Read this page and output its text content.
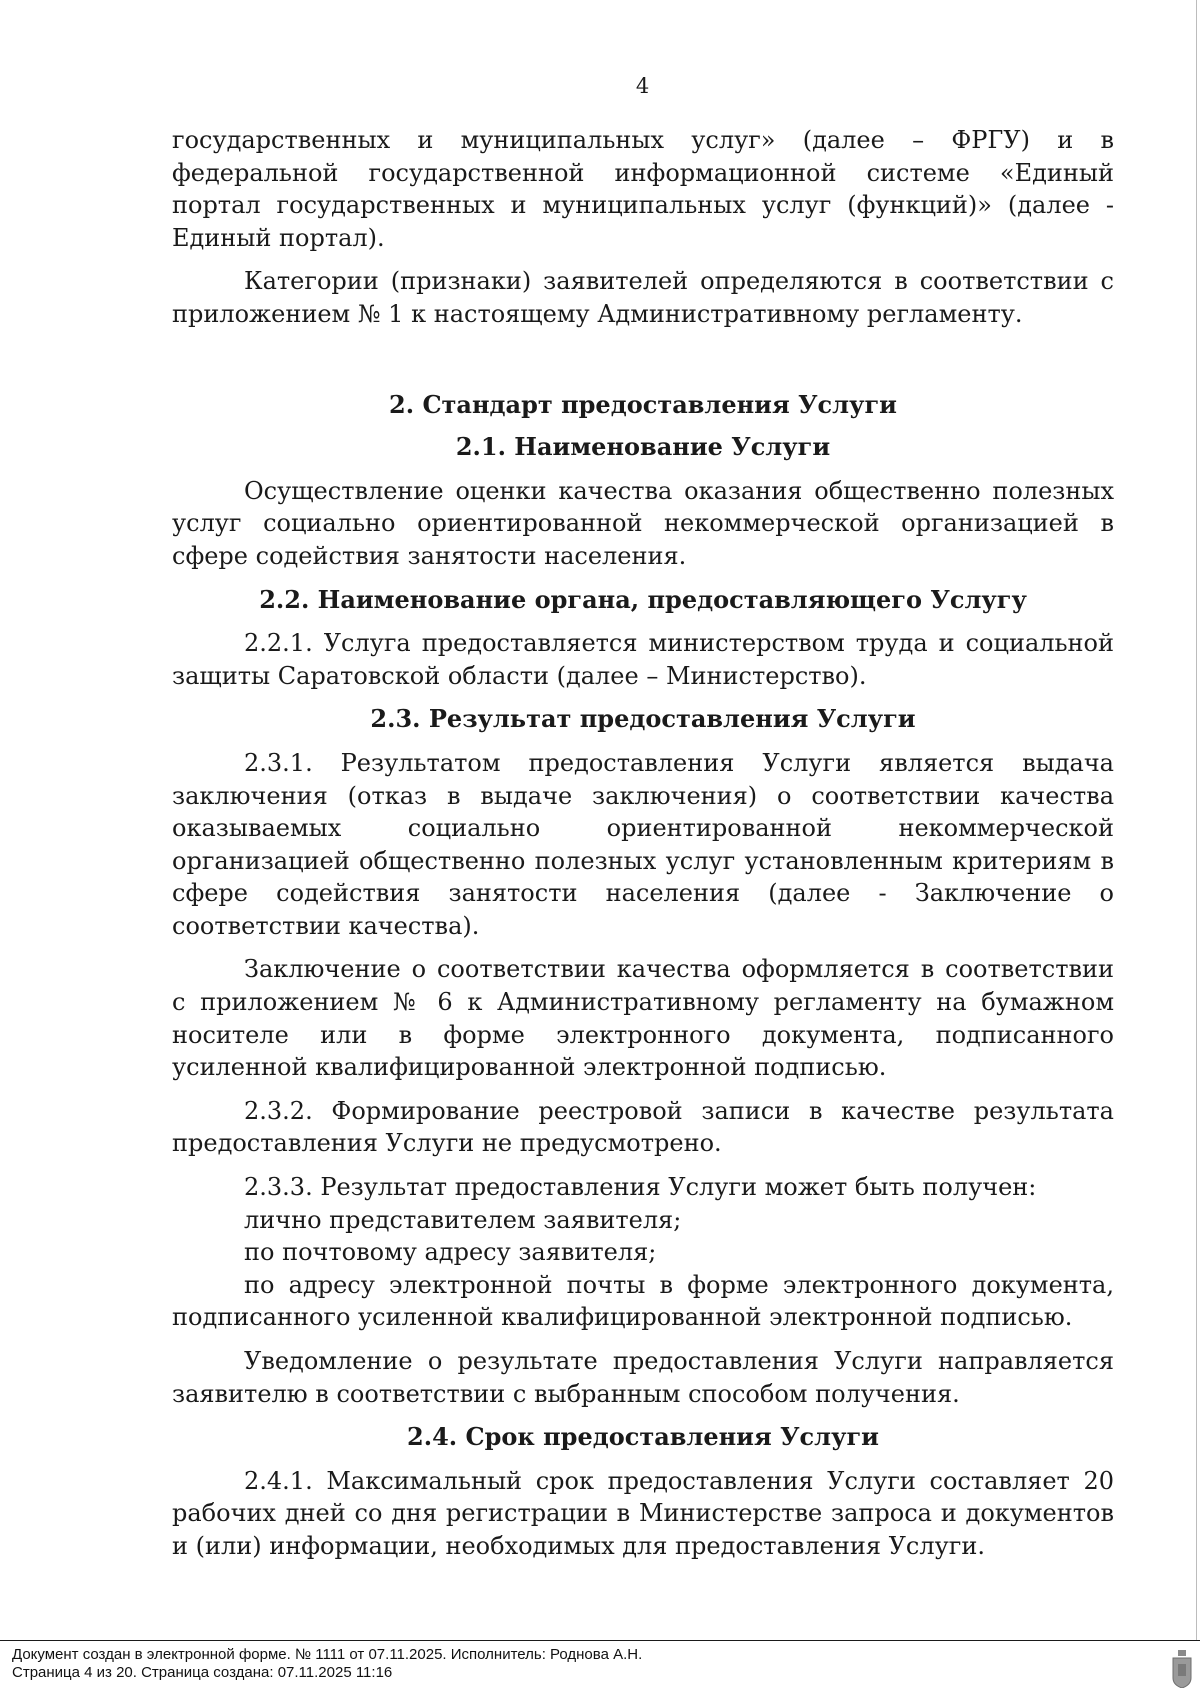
4

государственных и муниципальных услуг» (далее – ФРГУ) и в федеральной государственной информационной системе «Единый портал государственных и муниципальных услуг (функций)» (далее - Единый портал).

Категории (признаки) заявителей определяются в соответствии с приложением № 1 к настоящему Административному регламенту.

2. Стандарт предоставления Услуги
2.1. Наименование Услуги

Осуществление оценки качества оказания общественно полезных услуг социально ориентированной некоммерческой организацией в сфере содействия занятости населения.

2.2. Наименование органа, предоставляющего Услугу

2.2.1. Услуга предоставляется министерством труда и социальной защиты Саратовской области (далее – Министерство).

2.3. Результат предоставления Услуги

2.3.1. Результатом предоставления Услуги является выдача заключения (отказ в выдаче заключения) о соответствии качества оказываемых социально ориентированной некоммерческой организацией общественно полезных услуг установленным критериям в сфере содействия занятости населения (далее - Заключение о соответствии качества).

Заключение о соответствии качества оформляется в соответствии с приложением № 6 к Административному регламенту на бумажном носителе или в форме электронного документа, подписанного усиленной квалифицированной электронной подписью.

2.3.2. Формирование реестровой записи в качестве результата предоставления Услуги не предусмотрено.

2.3.3. Результат предоставления Услуги может быть получен:

лично представителем заявителя;

по почтовому адресу заявителя;

по адресу электронной почты в форме электронного документа, подписанного усиленной квалифицированной электронной подписью.

Уведомление о результате предоставления Услуги направляется заявителю в соответствии с выбранным способом получения.

2.4. Срок предоставления Услуги

2.4.1. Максимальный срок предоставления Услуги составляет 20 рабочих дней со дня регистрации в Министерстве запроса и документов и (или) информации, необходимых для предоставления Услуги.

Документ создан в электронной форме. № 1111 от 07.11.2025. Исполнитель: Роднова А.Н.
Страница 4 из 20. Страница создана: 07.11.2025 11:16
